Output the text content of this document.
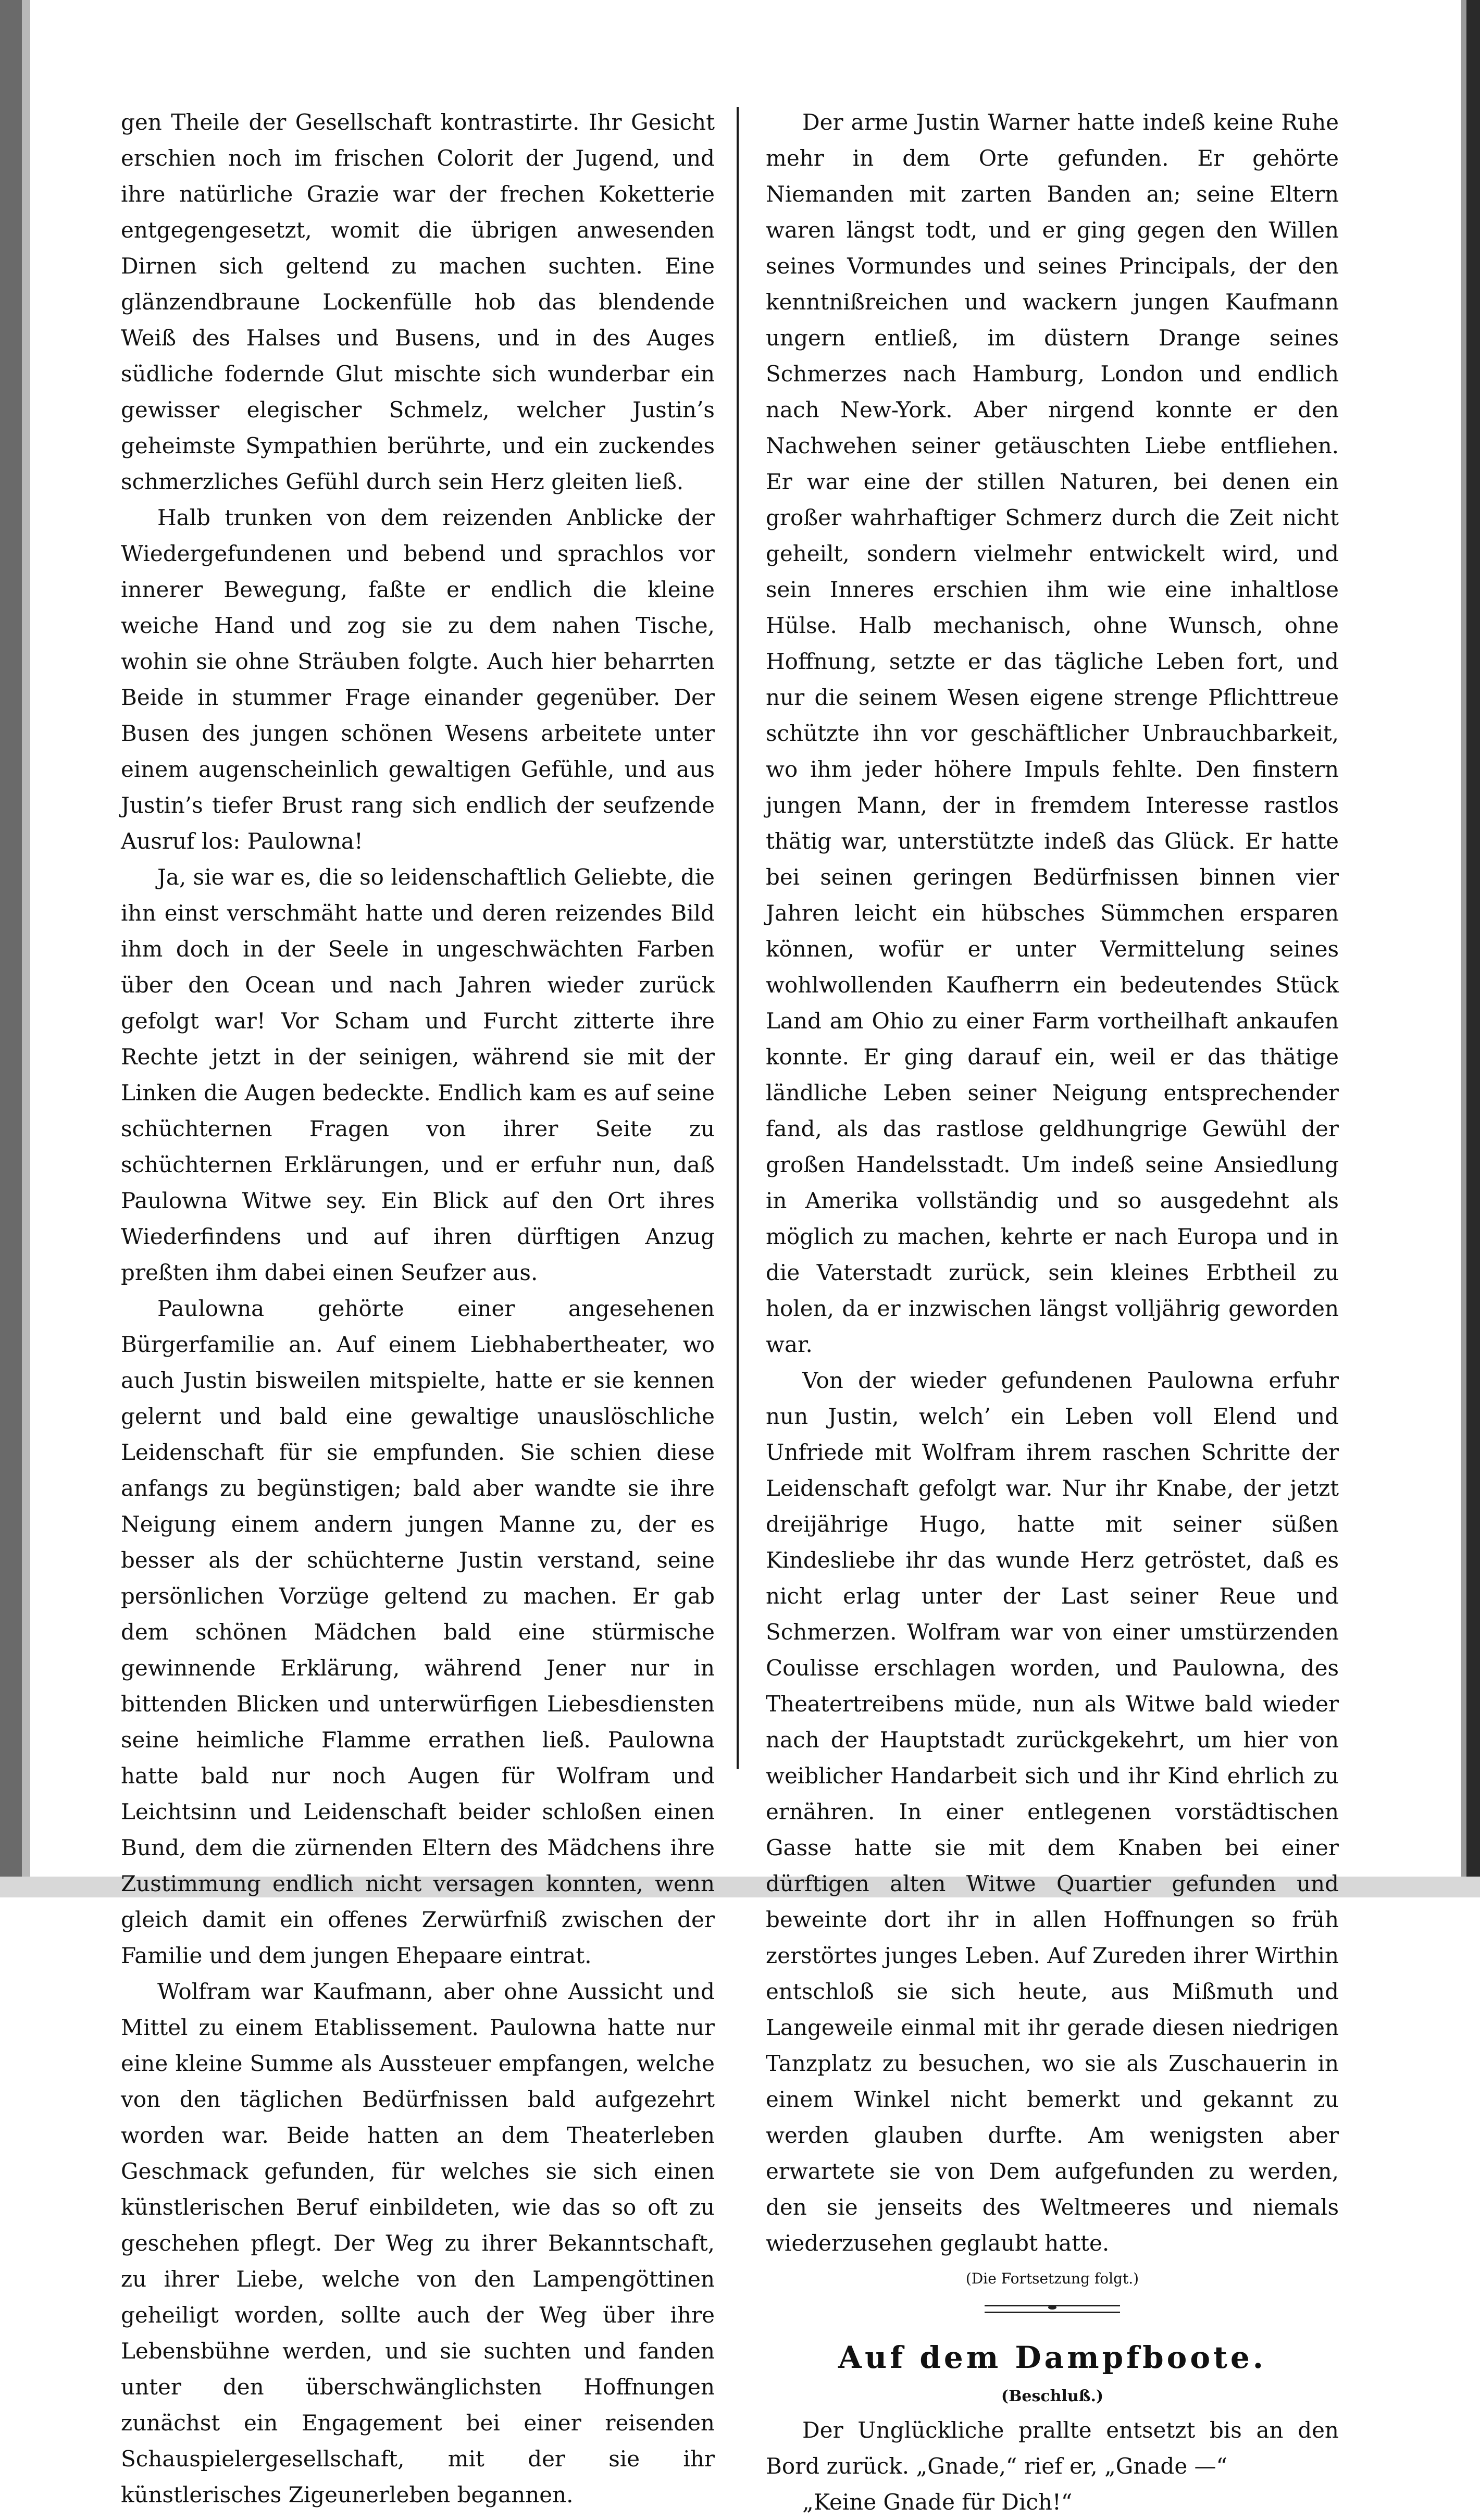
gen Theile der Gesellschaft kontrastirte. Ihr Gesicht erschien noch im frischen Colorit der Jugend, und ihre natürliche Grazie war der frechen Koketterie entgegengesetzt, womit die übrigen anwesenden Dirnen sich geltend zu machen suchten. Eine glänzendbraune Lockenfülle hob das blendende Weiß des Halses und Busens, und in des Auges südliche fodernde Glut mischte sich wunderbar ein gewisser elegischer Schmelz, welcher Justin’s geheimste Sympathien berührte, und ein zuckendes schmerzliches Gefühl durch sein Herz gleiten ließ.

Halb trunken von dem reizenden Anblicke der Wiedergefundenen und bebend und sprachlos vor innerer Bewegung, faßte er endlich die kleine weiche Hand und zog sie zu dem nahen Tische, wohin sie ohne Sträuben folgte. Auch hier beharrten Beide in stummer Frage einander gegenüber. Der Busen des jungen schönen Wesens arbeitete unter einem augenscheinlich gewaltigen Gefühle, und aus Justin’s tiefer Brust rang sich endlich der seufzende Ausruf los: Paulowna!

Ja, sie war es, die so leidenschaftlich Geliebte, die ihn einst verschmäht hatte und deren reizendes Bild ihm doch in der Seele in ungeschwächten Farben über den Ocean und nach Jahren wieder zurück gefolgt war! Vor Scham und Furcht zitterte ihre Rechte jetzt in der seinigen, während sie mit der Linken die Augen bedeckte. Endlich kam es auf seine schüchternen Fragen von ihrer Seite zu schüchternen Erklärungen, und er erfuhr nun, daß Paulowna Witwe sey. Ein Blick auf den Ort ihres Wiederfindens und auf ihren dürftigen Anzug preßten ihm dabei einen Seufzer aus.

Paulowna gehörte einer angesehenen Bürgerfamilie an. Auf einem Liebhabertheater, wo auch Justin bisweilen mitspielte, hatte er sie kennen gelernt und bald eine gewaltige unauslöschliche Leidenschaft für sie empfunden. Sie schien diese anfangs zu begünstigen; bald aber wandte sie ihre Neigung einem andern jungen Manne zu, der es besser als der schüchterne Justin verstand, seine persönlichen Vorzüge geltend zu machen. Er gab dem schönen Mädchen bald eine stürmische gewinnende Erklärung, während Jener nur in bittenden Blicken und unterwürfigen Liebesdiensten seine heimliche Flamme errathen ließ. Paulowna hatte bald nur noch Augen für Wolfram und Leichtsinn und Leidenschaft beider schloßen einen Bund, dem die zürnenden Eltern des Mädchens ihre Zustimmung endlich nicht versagen konnten, wenn gleich damit ein offenes Zerwürfniß zwischen der Familie und dem jungen Ehepaare eintrat.

Wolfram war Kaufmann, aber ohne Aussicht und Mittel zu einem Etablissement. Paulowna hatte nur eine kleine Summe als Aussteuer empfangen, welche von den täglichen Bedürfnissen bald aufgezehrt worden war. Beide hatten an dem Theaterleben Geschmack gefunden, für welches sie sich einen künstlerischen Beruf einbildeten, wie das so oft zu geschehen pflegt. Der Weg zu ihrer Bekanntschaft, zu ihrer Liebe, welche von den Lampengöttinen geheiligt worden, sollte auch der Weg über ihre Lebensbühne werden, und sie suchten und fanden unter den überschwänglichsten Hoffnungen zunächst ein Engagement bei einer reisenden Schauspielergesellschaft, mit der sie ihr künstlerisches Zigeunerleben begannen.

Der arme Justin Warner hatte indeß keine Ruhe mehr in dem Orte gefunden. Er gehörte Niemanden mit zarten Banden an; seine Eltern waren längst todt, und er ging gegen den Willen seines Vormundes und seines Principals, der den kenntnißreichen und wackern jungen Kaufmann ungern entließ, im düstern Drange seines Schmerzes nach Hamburg, London und endlich nach New-York. Aber nirgend konnte er den Nachwehen seiner getäuschten Liebe entfliehen. Er war eine der stillen Naturen, bei denen ein großer wahrhaftiger Schmerz durch die Zeit nicht geheilt, sondern vielmehr entwickelt wird, und sein Inneres erschien ihm wie eine inhaltlose Hülse. Halb mechanisch, ohne Wunsch, ohne Hoffnung, setzte er das tägliche Leben fort, und nur die seinem Wesen eigene strenge Pflichttreue schützte ihn vor geschäftlicher Unbrauchbarkeit, wo ihm jeder höhere Impuls fehlte. Den finstern jungen Mann, der in fremdem Interesse rastlos thätig war, unterstützte indeß das Glück. Er hatte bei seinen geringen Bedürfnissen binnen vier Jahren leicht ein hübsches Sümmchen ersparen können, wofür er unter Vermittelung seines wohlwollenden Kaufherrn ein bedeutendes Stück Land am Ohio zu einer Farm vortheilhaft ankaufen konnte. Er ging darauf ein, weil er das thätige ländliche Leben seiner Neigung entsprechender fand, als das rastlose geldhungrige Gewühl der großen Handelsstadt. Um indeß seine Ansiedlung in Amerika vollständig und so ausgedehnt als möglich zu machen, kehrte er nach Europa und in die Vaterstadt zurück, sein kleines Erbtheil zu holen, da er inzwischen längst volljährig geworden war.

Von der wieder gefundenen Paulowna erfuhr nun Justin, welch’ ein Leben voll Elend und Unfriede mit Wolfram ihrem raschen Schritte der Leidenschaft gefolgt war. Nur ihr Knabe, der jetzt dreijährige Hugo, hatte mit seiner süßen Kindesliebe ihr das wunde Herz getröstet, daß es nicht erlag unter der Last seiner Reue und Schmerzen. Wolfram war von einer umstürzenden Coulisse erschlagen worden, und Paulowna, des Theatertreibens müde, nun als Witwe bald wieder nach der Hauptstadt zurückgekehrt, um hier von weiblicher Handarbeit sich und ihr Kind ehrlich zu ernähren. In einer entlegenen vorstädtischen Gasse hatte sie mit dem Knaben bei einer dürftigen alten Witwe Quartier gefunden und beweinte dort ihr in allen Hoffnungen so früh zerstörtes junges Leben. Auf Zureden ihrer Wirthin entschloß sie sich heute, aus Mißmuth und Langeweile einmal mit ihr gerade diesen niedrigen Tanzplatz zu besuchen, wo sie als Zuschauerin in einem Winkel nicht bemerkt und gekannt zu werden glauben durfte. Am wenigsten aber erwartete sie von Dem aufgefunden zu werden, den sie jenseits des Weltmeeres und niemals wiederzusehen geglaubt hatte.

(Die Fortsetzung folgt.)
Auf dem Dampfboote.
(Beschluß.)

Der Unglückliche prallte entsetzt bis an den Bord zurück. „Gnade,“ rief er, „Gnade —“

„Keine Gnade für Dich!“
